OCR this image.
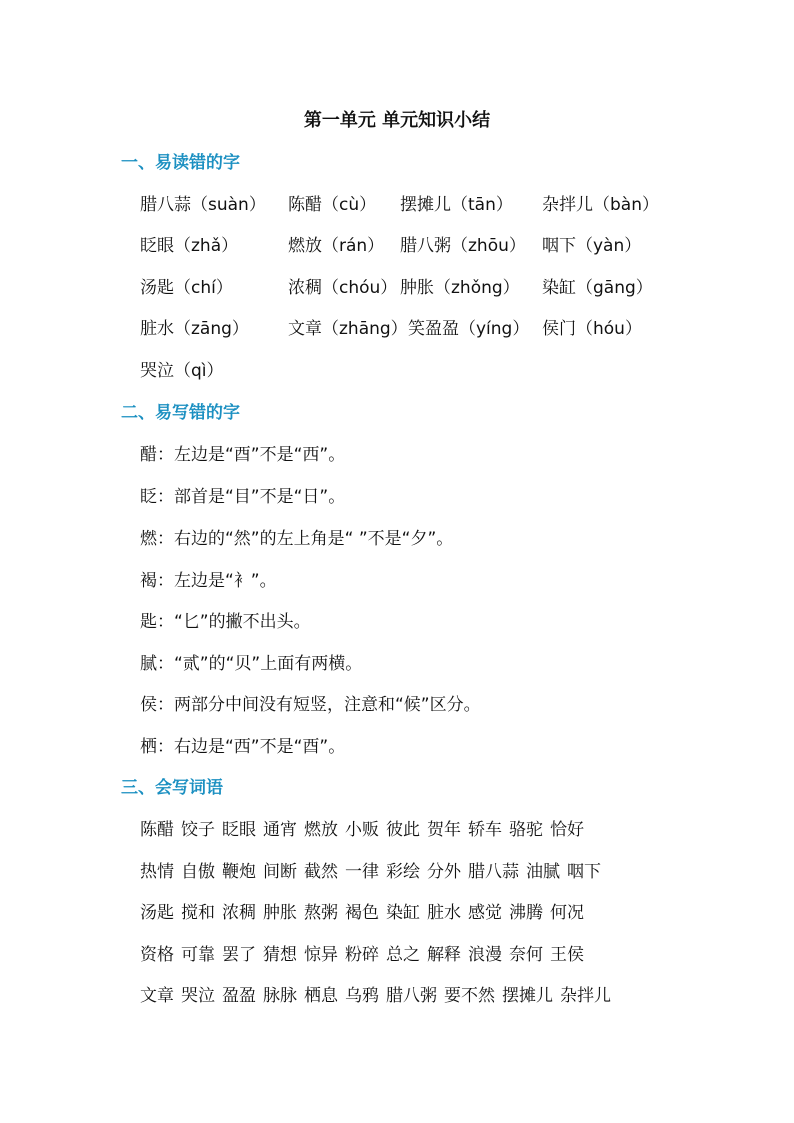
第一单元 单元知识小结
一、易读错的字
腊八蒜（suàn） 陈醋（cù） 摆摊儿（tān） 杂拌儿（bàn）
眨眼（zhǎ）	燃放（rán） 腊八粥（zhōu） 咽下（yàn）
汤匙（chí）	浓稠（chóu） 肿胀（zhǒng） 染缸（gāng）
脏水（zāng） 文章（zhāng） 笑盈盈（yíng） 侯门（hóu）
哭泣（qì）
二、易写错的字
醋：左边是“酉”不是“西”。
眨：部首是“目”不是“日”。
燃：右边的“然”的左上角是“ ”不是“夕”。
褐：左边是“衤”。
匙：“匕”的撇不出头。
腻：“贰”的“贝”上面有两横。
侯：两部分中间没有短竖，注意和“候”区分。
栖：右边是“西”不是“酉”。
三、会写词语
陈醋 饺子 眨眼 通宵 燃放 小贩 彼此 贺年 轿车 骆驼 恰好
热情 自傲 鞭炮 间断 截然 一律 彩绘 分外 腊八蒜 油腻 咽下
汤匙 搅和 浓稠 肿胀 熬粥 褐色 染缸 脏水 感觉 沸腾 何况
资格 可靠 罢了 猜想 惊异 粉碎 总之 解释 浪漫 奈何 王侯
文章 哭泣 盈盈 脉脉 栖息 乌鸦 腊八粥 要不然 摆摊儿 杂拌儿
